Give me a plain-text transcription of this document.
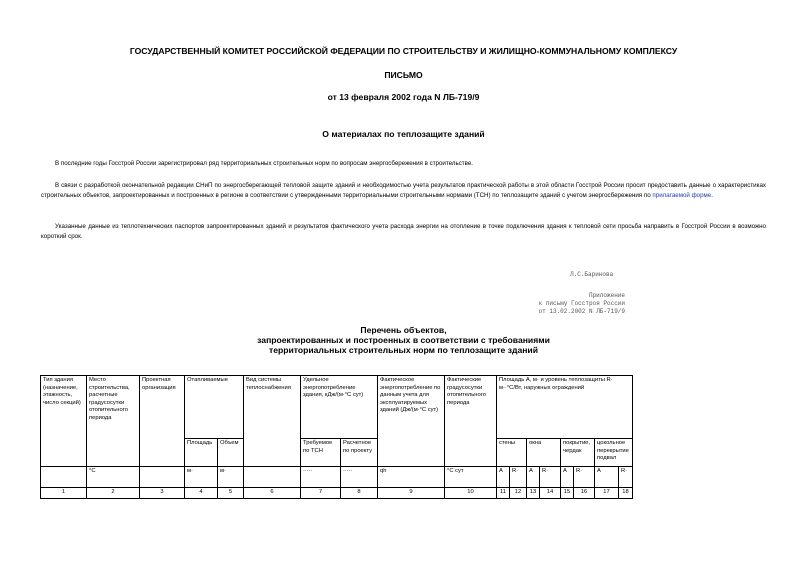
ГОСУДАРСТВЕННЫЙ КОМИТЕТ РОССИЙСКОЙ ФЕДЕРАЦИИ ПО СТРОИТЕЛЬСТВУ И ЖИЛИЩНО-КОММУНАЛЬНОМУ КОМПЛЕКСУ
ПИСЬМО
от 13 февраля 2002 года N ЛБ-719/9
О материалах по теплозащите зданий
В последние годы Госстрой России зарегистрировал ряд территориальных строительных норм по вопросам энергосбережения в строительстве.
В связи с разработкой окончательной редакции СНиП по энергосберегающей тепловой защите зданий и необходимостью учета результатов практической работы в этой области Госстрой России просит предоставить данные о характеристиках строительных объектов, запроектированных и построенных в регионе в соответствии с утвержденными территориальными строительными нормами (ТСН) по теплозащите зданий с учетом энергосбережения по прилагаемой форме.
Указанные данные из теплотехнических паспортов запроектированных зданий и результатов фактического учета расхода энергии на отопление в точке подключения здания к тепловой сети просьба направить в Госстрой России в возможно короткий срок.
Л.С.Баринова
Приложение
к письму Госстроя России
от 13.02.2002 N ЛБ-719/9
Перечень объектов,
запроектированных и построенных в соответствии с требованиями
территориальных строительных норм по теплозащите зданий
Тип здания (назначение, этажность, число секций)	Место строительства, расчетные градусосутки отопительного периода	Проектная организация	Отапливаемые		Вид системы теплоснабжения	Удельное энергопотребление здания, кДж/(м·°С сут)		Фактическое энергопотребление по данным учета для эксплуатируемых зданий (Дж/(м·°С сут)	Фактические градусосутки отопительного периода	Площадь А, м· и уровень теплозащиты R· м··°С/Вт, наружных ограждений							
			Площадь	Объем		Требуемое по ТСН	Расчетное по проекту			стены		окна		покрытие, чердак		цокольное перекрытие подвал	
	°С		м·	м·		·····	·····	qh	°С сут	А	R·	А	R·	А	R·	А	R·
1	2	3	4	5	6	7	8	9	10	11	12	13	14	15	16	17	18
